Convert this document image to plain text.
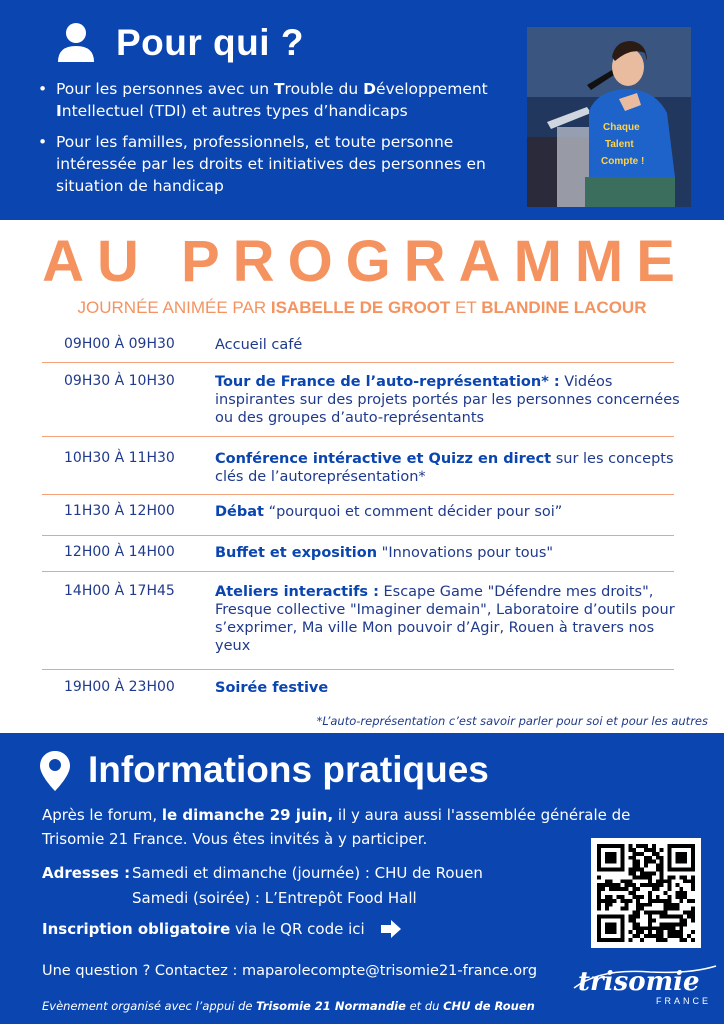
Pour qui ?
• Pour les personnes avec un Trouble du Développement Intellectuel (TDI) et autres types d’handicaps
• Pour les familles, professionnels, et toute personne intéressée par les droits et initiatives des personnes en situation de handicap
Chaque
Talent
Compte !
AU PROGRAMME
JOURNÉE ANIMÉE PAR ISABELLE DE GROOT ET BLANDINE LACOUR
09H00 À 09H30	Accueil café
09H30 À 10H30	Tour de France de l’auto-représentation* : Vidéos inspirantes sur des projets portés par les personnes concernées ou des groupes d’auto-représentants
10H30 À 11H30	Conférence intéractive et Quizz en direct sur les concepts clés de l’autoreprésentation*
11H30 À 12H00	Débat “pourquoi et comment décider pour soi”
12H00 À 14H00	Buffet et exposition "Innovations pour tous"
14H00 À 17H45	Ateliers interactifs : Escape Game "Défendre mes droits", Fresque collective "Imaginer demain", Laboratoire d’outils pour s’exprimer, Ma ville Mon pouvoir d’Agir, Rouen à travers nos yeux
19H00 À 23H00	Soirée festive
*L’auto-représentation c’est savoir parler pour soi et pour les autres
Informations pratiques

Après le forum, le dimanche 29 juin, il y aura aussi l'assemblée générale de Trisomie 21 France. Vous êtes invités à y participer.

Adresses : Samedi et dimanche (journée) : CHU de Rouen
Samedi (soirée) : L’Entrepôt Food Hall
Inscription obligatoire via le QR code ici
Une question ? Contactez : maparolecompte@trisomie21-france.org
Evènement organisé avec l’appui de Trisomie 21 Normandie et du CHU de Rouen
trisomie
FRANCE
